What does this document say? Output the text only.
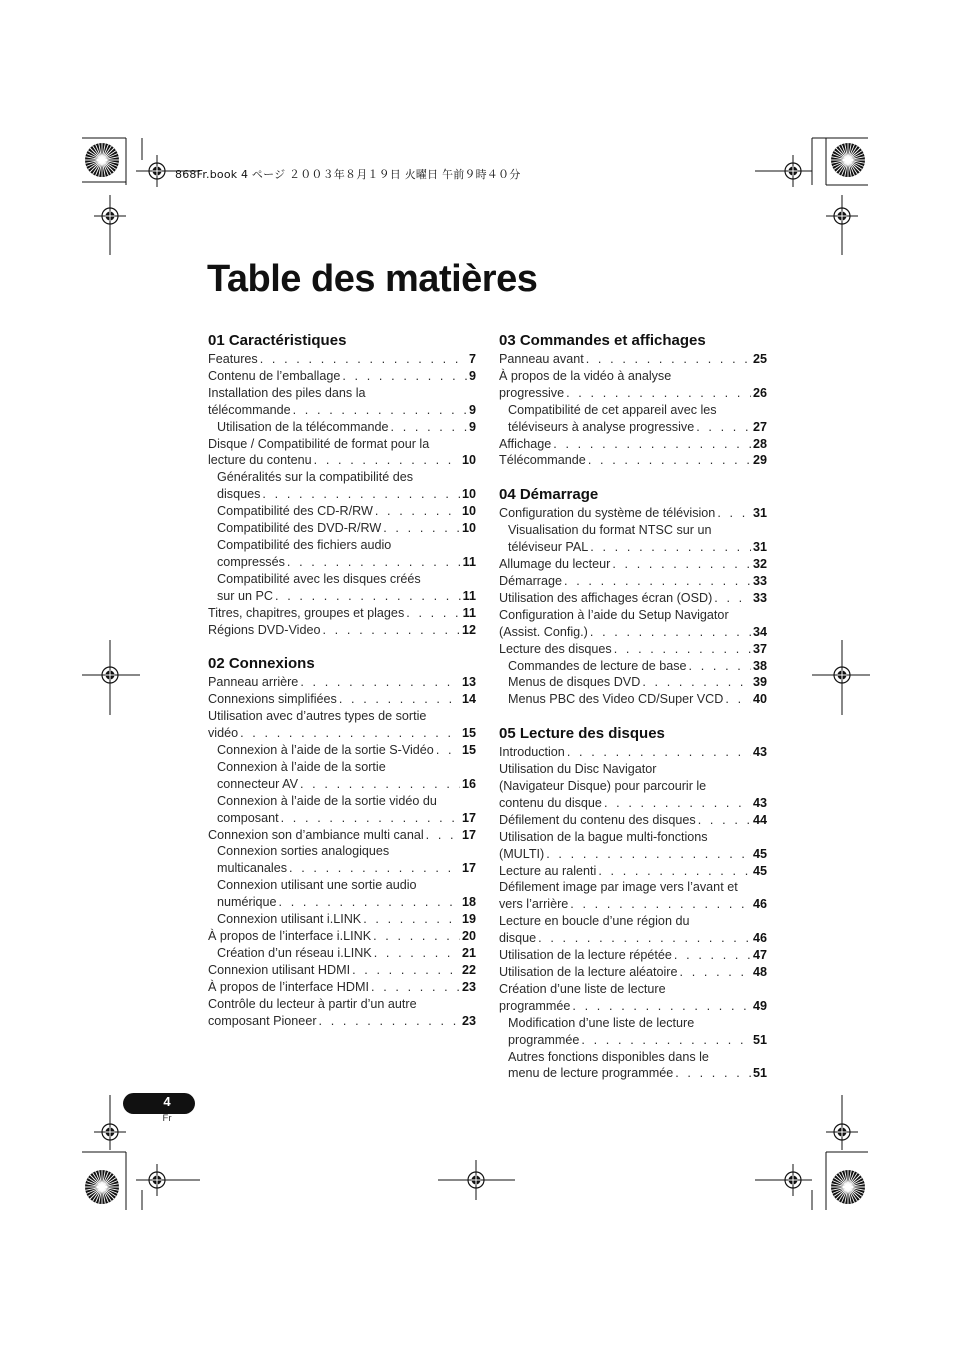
868Fr.book 4 ページ ２００３年８月１９日 火曜日 午前９時４０分
Table des matières
01 Caractéristiques
Features . . .	7
Contenu de l’emballage . . .	9
Installation des piles dans la
télécommande . . .	9
Utilisation de la télécommande . . .	9
Disque / Compatibilité de format pour la
lecture du contenu . . .	10
Généralités sur la compatibilité des
disques . . .	10
Compatibilité des CD-R/RW . . .	10
Compatibilité des DVD-R/RW . . .	10
Compatibilité des fichiers audio
compressés . . .	11
Compatibilité avec les disques créés
sur un PC . . .	11
Titres, chapitres, groupes et plages . . .	11
Régions DVD-Video . . .	12
02 Connexions
Panneau arrière . . .	13
Connexions simplifiées . . .	14
Utilisation avec d’autres types de sortie
vidéo . . .	15
Connexion à l’aide de la sortie S-Vidéo . . . 15
Connexion à l’aide de la sortie
connecteur AV . . .	16
Connexion à l’aide de la sortie vidéo du
composant . . .	17
Connexion son d’ambiance multi canal . . .	17
Connexion sorties analogiques
multicanales . . .	17
Connexion utilisant une sortie audio
numérique . . .	18
Connexion utilisant i.LINK . . .	19
À propos de l’interface i.LINK . . .	20
Création d’un réseau i.LINK . . .	21
Connexion utilisant HDMI . . .	22
À propos de l’interface HDMI . . .	23
Contrôle du lecteur à partir d’un autre
composant Pioneer . . .	23
03 Commandes et affichages
Panneau avant . . .	25
À propos de la vidéo à analyse
progressive . . .	26
Compatibilité de cet appareil avec les
téléviseurs à analyse progressive . . .	27
Affichage . . .	28
Télécommande . . .	29
04 Démarrage
Configuration du système de télévision . . .	31
Visualisation du format NTSC sur un
téléviseur PAL . . .	31
Allumage du lecteur . . .	32
Démarrage . . .	33
Utilisation des affichages écran (OSD) . . .	33
Configuration à l’aide du Setup Navigator
(Assist. Config.) . . .	34
Lecture des disques . . .	37
Commandes de lecture de base . . .	38
Menus de disques DVD . . .	39
Menus PBC des Video CD/Super VCD . . . 40
05 Lecture des disques
Introduction . . .	43
Utilisation du Disc Navigator
(Navigateur Disque) pour parcourir le
contenu du disque . . .	43
Défilement du contenu des disques . . .	44
Utilisation de la bague multi-fonctions
(MULTI) . . .	45
Lecture au ralenti . . .	45
Défilement image par image vers l’avant et
vers l’arrière . . .	46
Lecture en boucle d’une région du
disque . . .	46
Utilisation de la lecture répétée . . .	47
Utilisation de la lecture aléatoire . . .	48
Création d’une liste de lecture
programmée . . .	49
Modification d’une liste de lecture
programmée . . .	51
Autres fonctions disponibles dans le
menu de lecture programmée . . .	51
4
Fr
